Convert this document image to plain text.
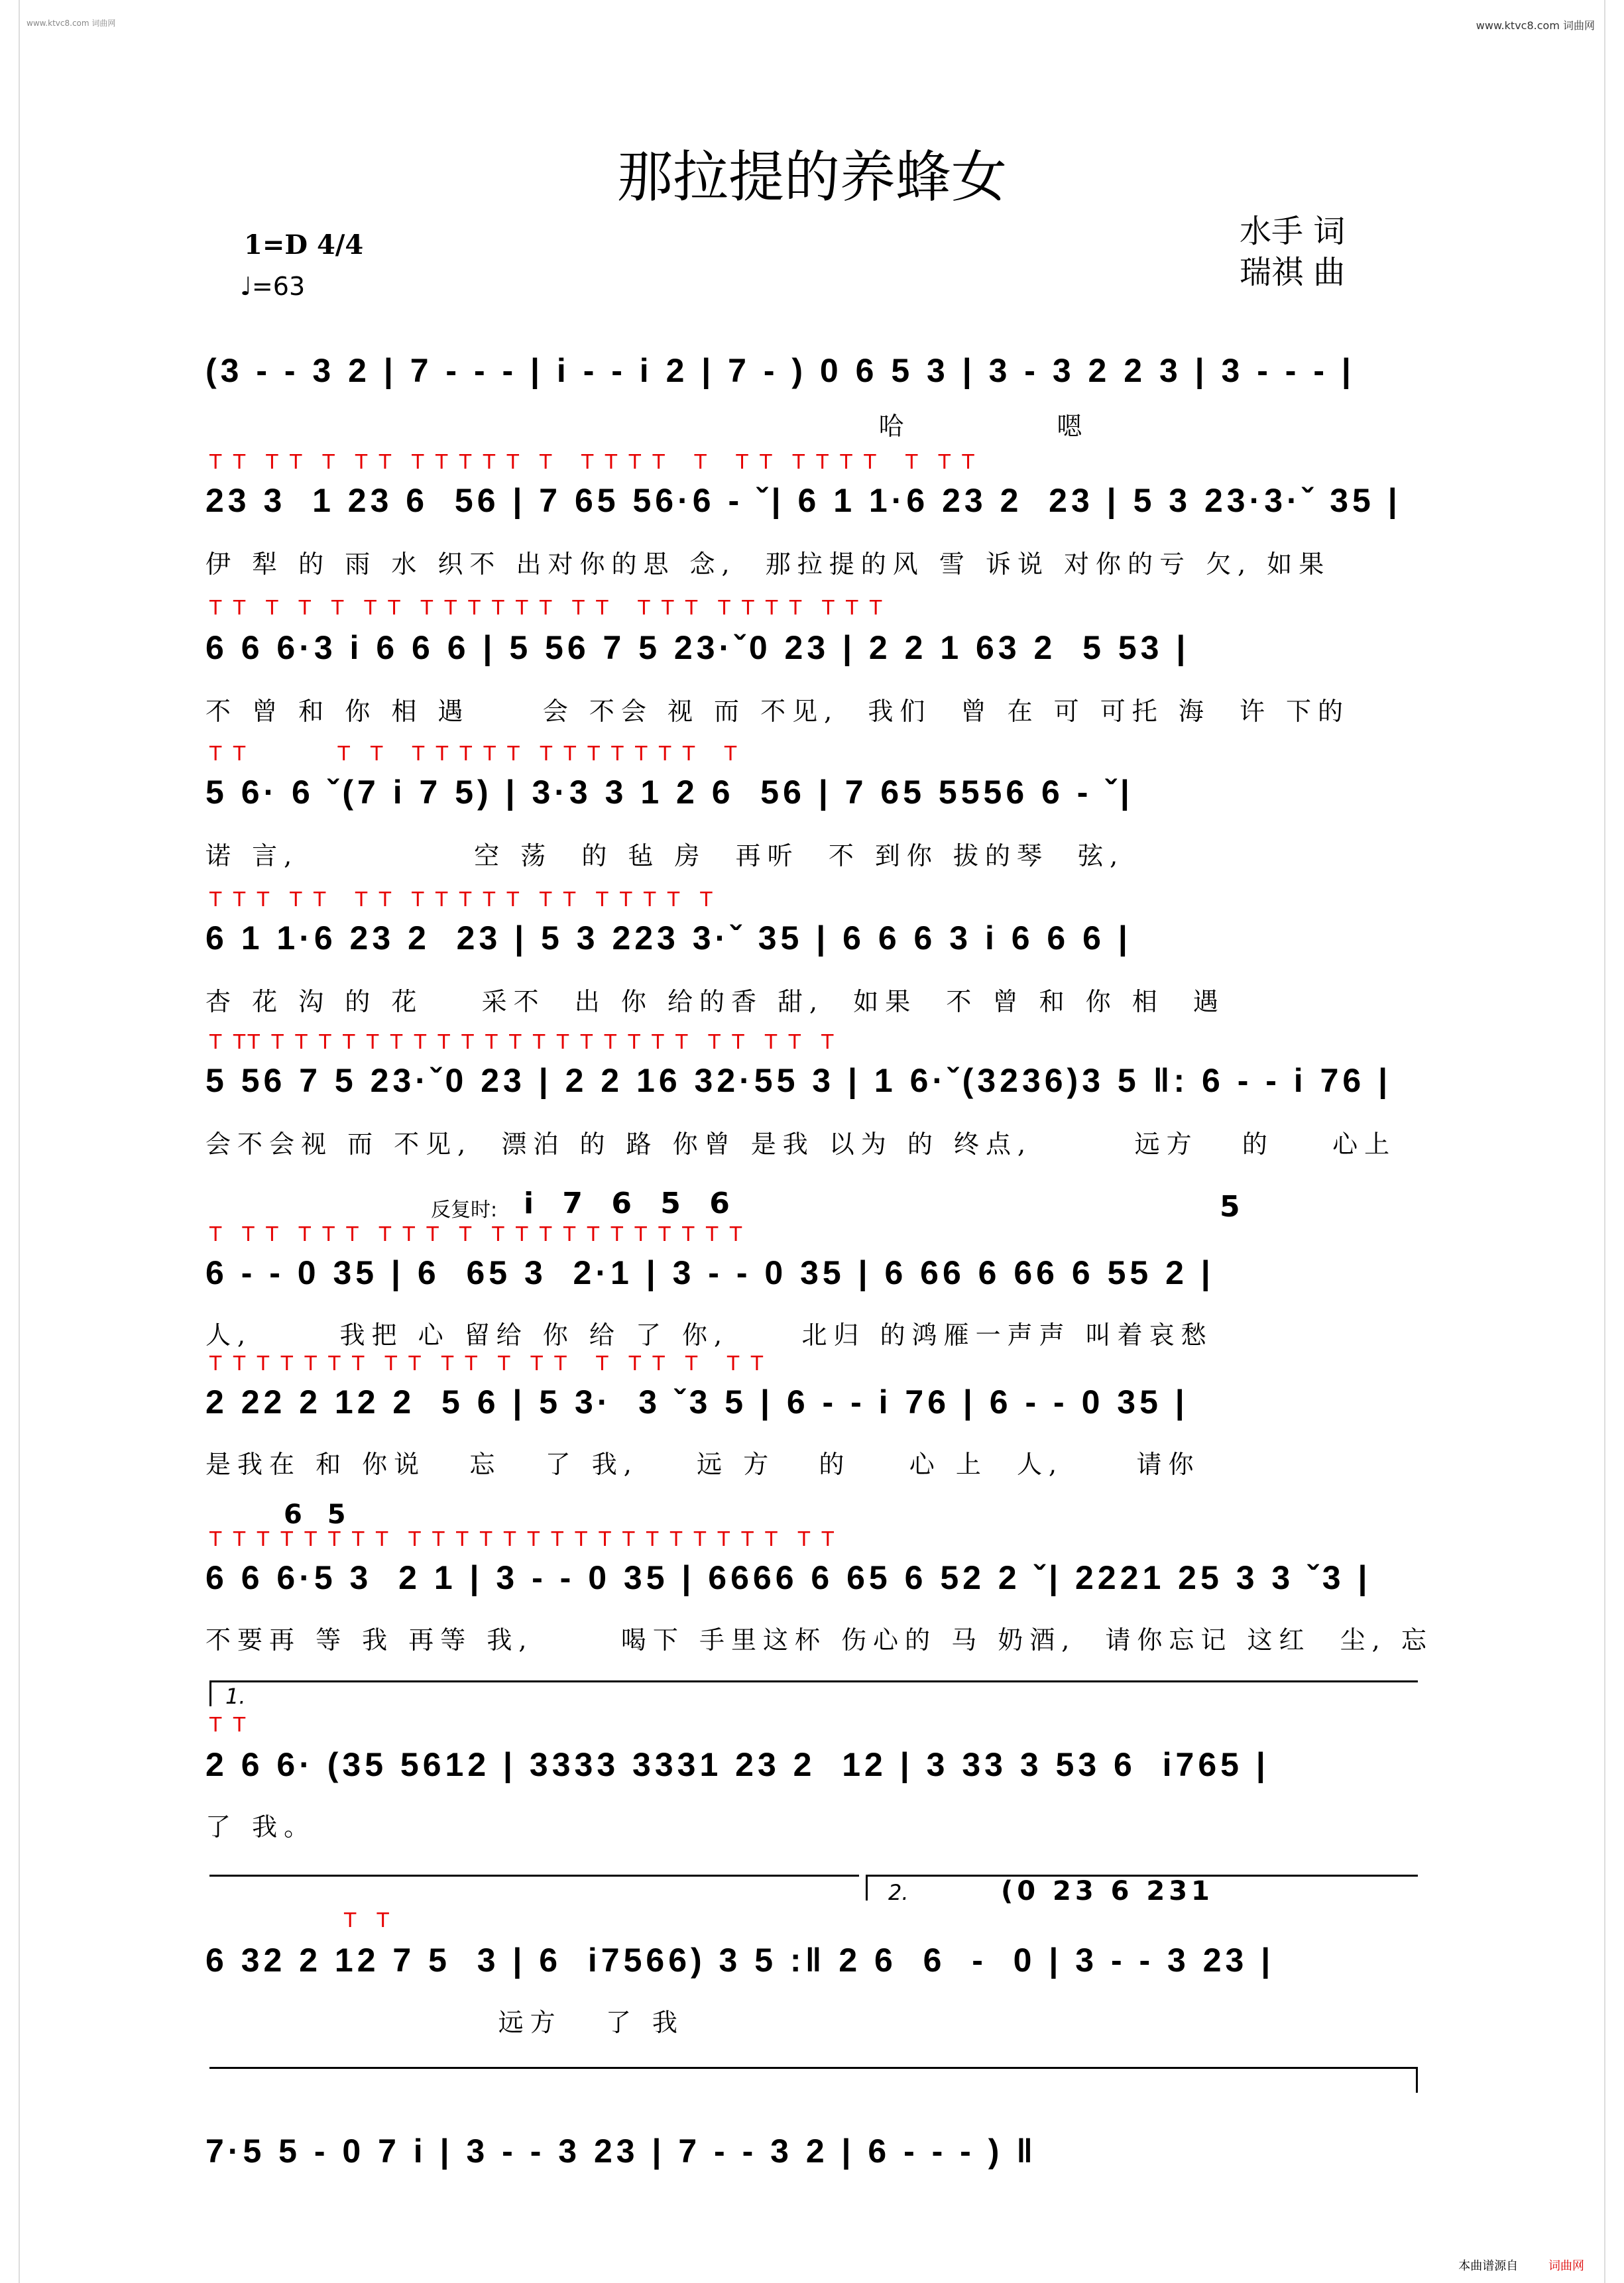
www.ktvc8.com 词曲网	www.ktvc8.com 词曲网
那拉提的养蜂女
水手 词
瑞祺 曲
1=D 4/4
♩=63
(3 - - 3 2 | 7 - - - | i - - i 2 | 7 - ) 0 6 5 3 | 3 - 3 2 2 3 | 3 - - - |
哈          嗯
T T  T T  T  T T  T T T T T  T   T T T T   T   T T  T T T T   T  T T
23 3  1 23 6  56 | 7 65 56·6 - ˇ| 6 1 1·6 23 2  23 | 5 3 23·3·ˇ 35 |
伊 犁 的 雨 水 织不 出对你的思 念,  那拉提的风 雪 诉说 对你的亏 欠, 如果
T T  T  T  T  T T  T T T T T T  T T   T T T  T T T T  T T T
6 6 6·3 i 6 6 6 | 5 56 7 5 23·ˇ0 23 | 2 2 1 63 2  5 53 |
不 曾 和 你 相 遇     会 不会 视 而 不见,  我们  曾 在 可 可托 海  许 下的
T T          T  T   T T T T T  T T T T T T T   T
5 6· 6 ˇ(7 i 7 5) | 3·3 3 1 2 6  56 | 7 65 5556 6 - ˇ|
诺 言,            空 荡  的 毡 房  再听  不 到你 拔的琴  弦,
T T T  T T   T T  T T T T T  T T  T T T T  T
6 1 1·6 23 2  23 | 5 3 223 3·ˇ 35 | 6 6 6 3 i 6 6 6 |
杏 花 沟 的 花    采不  出 你 给的香 甜,  如果  不 曾 和 你 相  遇
T TT T T T T T T T T T T T T T T T T T T  T T  T T  T
5 56 7 5 23·ˇ0 23 | 2 2 16 32·55 3 | 1 6·ˇ(3236)3 5 ‖: 6 - - i 76 |
会不会视 而 不见,  漂泊 的 路 你曾 是我 以为 的 终点,       远方   的    心上
反复时: i 7 6 5 6	5
T  T T  T T T  T T T  T  T T T T T T T T T T T
6 - - 0 35 | 6  65 3  2·1 | 3 - - 0 35 | 6 66 6 66 6 55 2 |
人,      我把 心 留给 你 给 了 你,     北归 的鸿雁一声声 叫着哀愁
T T T T T T T  T T  T T  T  T T   T  T T  T   T T
2 22 2 12 2  5 6 | 5 3·  3 ˇ3 5 | 6 - - i 76 | 6 - - 0 35 |
是我在 和 你说   忘   了 我,    远 方   的    心 上  人,     请你
6 5
T T T T T T T T  T T T T T T T T T T T T T T T T  T T
6 6 6·5 3  2 1 | 3 - - 0 35 | 6666 6 65 6 52 2 ˇ| 2221 25 3 3 ˇ3 |
不要再 等 我 再等 我,      喝下 手里这杯 伤心的 马 奶酒,  请你忘记 这红  尘, 忘
1.
T T
2 6 6· (35 5612 | 3333 3331 23 2  12 | 3 33 3 53 6  i765 |
了 我。
2.	(0 23 6 231
T  T
6 32 2 12 7 5  3 | 6  i7566) 3 5 :‖ 2 6  6  -  0 | 3 - - 3 23 |
远方   了 我
7·5 5 - 0 7 i | 3 - - 3 23 | 7 - - 3 2 | 6 - - - ) ‖
本曲谱源自	词曲网
